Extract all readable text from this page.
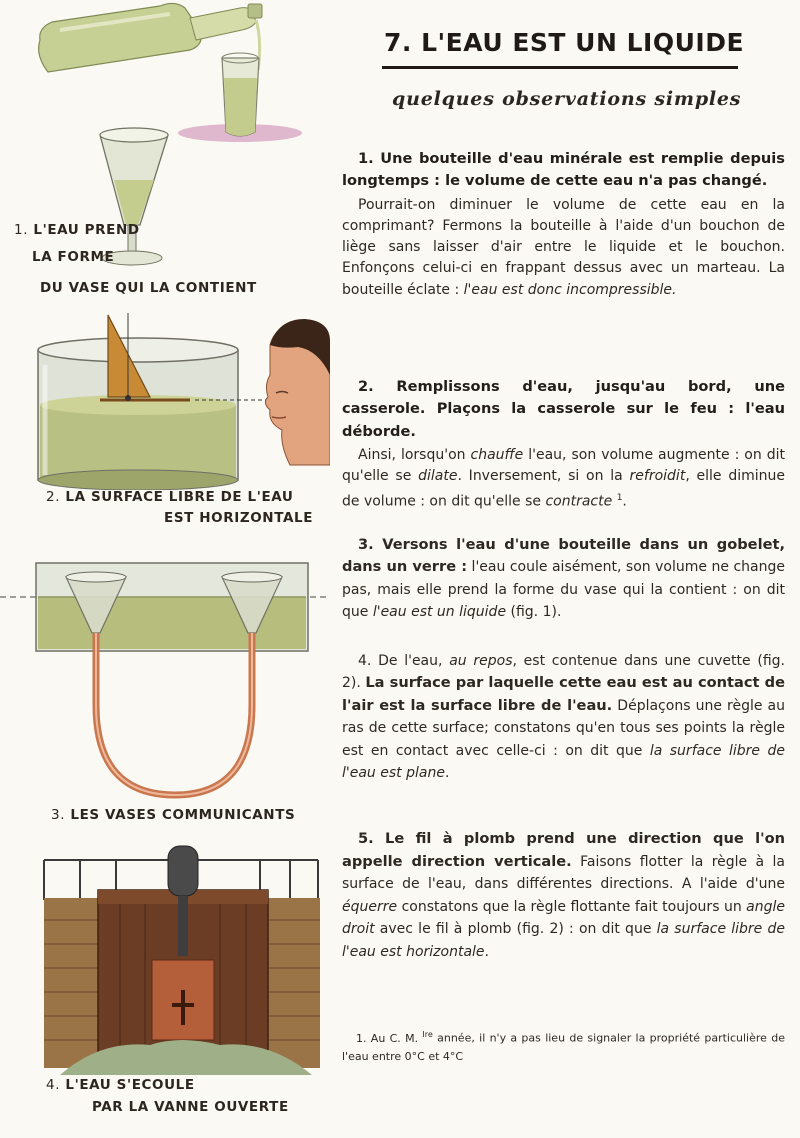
1. L'EAU PREND
LA FORME
DU VASE QUI LA CONTIENT
2. LA SURFACE LIBRE DE L'EAU
EST HORIZONTALE
3. LES VASES COMMUNICANTS
4. L'EAU S'ECOULE
PAR LA VANNE OUVERTE
7. L'EAU EST UN LIQUIDE
quelques observations simples
1. Une bouteille d'eau minérale est remplie depuis longtemps : le volume de cette eau n'a pas changé.

Pourrait-on diminuer le volume de cette eau en la comprimant? Fermons la bouteille à l'aide d'un bouchon de liège sans laisser d'air entre le liquide et le bouchon. Enfonçons celui-ci en frappant dessus avec un marteau. La bouteille éclate : l'eau est donc incompressible.

2. Remplissons d'eau, jusqu'au bord, une casserole. Plaçons la casserole sur le feu : l'eau déborde.

Ainsi, lorsqu'on chauffe l'eau, son volume augmente : on dit qu'elle se dilate. Inversement, si on la refroidit, elle diminue de volume : on dit qu'elle se contracte $^1$.

3. Versons l'eau d'une bouteille dans un gobelet, dans un verre : l'eau coule aisément, son volume ne change pas, mais elle prend la forme du vase qui la contient : on dit que l'eau est un liquide (fig. 1).

4. De l'eau, au repos, est contenue dans une cuvette (fig. 2). La surface par laquelle cette eau est au contact de l'air est la surface libre de l'eau. Déplaçons une règle au ras de cette surface; constatons qu'en tous ses points la règle est en contact avec celle-ci : on dit que la surface libre de l'eau est plane.

5. Le fil à plomb prend une direction que l'on appelle direction verticale. Faisons flotter la règle à la surface de l'eau, dans différentes directions. A l'aide d'une équerre constatons que la règle flottante fait toujours un angle droit avec le fil à plomb (fig. 2) : on dit que la surface libre de l'eau est horizontale.

1. Au C. M. $^{Ire}$ année, il n'y a pas lieu de signaler la propriété particulière de l'eau entre 0°C et 4°C
